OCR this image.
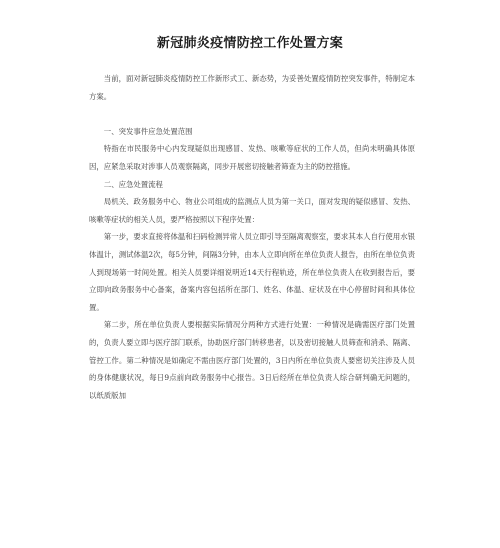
新冠肺炎疫情防控工作处置方案

当前，面对新冠肺炎疫情防控工作新形式工、新态势，为妥善处置疫情防控突发事件，特制定本方案。

一、突发事件应急处置范围

特指在市民服务中心内发现疑似出现感冒、发热、咳嗽等症状的工作人员，但尚未明确具体原因，应紧急采取对涉事人员观察隔离，同步开展密切接触者筛查为主的防控措施。

二、应急处置流程

局机关、政务服务中心、物业公司组成的监测点人员为第一关口，面对发现的疑似感冒、发热、咳嗽等症状的相关人员，要严格按照以下程序处置：

第一步，要求直接将体温和扫码检测异常人员立即引导至隔离观察室，要求其本人自行使用水银体温计，测试体温2次，每5分钟，间隔3分钟，由本人立即向所在单位负责人报告，由所在单位负责人到现场第一时间处置。相关人员要详细说明近14天行程轨迹，所在单位负责人在收到报告后，要立即向政务服务中心备案，备案内容包括所在部门、姓名、体温、症状及在中心停留时间和具体位置。

第二步，所在单位负责人要根据实际情况分两种方式进行处置：一种情况是确需医疗部门处置的，负责人要立即与医疗部门联系，协助医疗部门转移患者，以及密切接触人员筛查和消杀、隔离、管控工作。第二种情况是如确定不需由医疗部门处置的，3日内所在单位负责人要密切关注涉及人员的身体健康状况，每日9点前向政务服务中心报告。3日后经所在单位负责人综合研判确无问题的，以纸质版加
